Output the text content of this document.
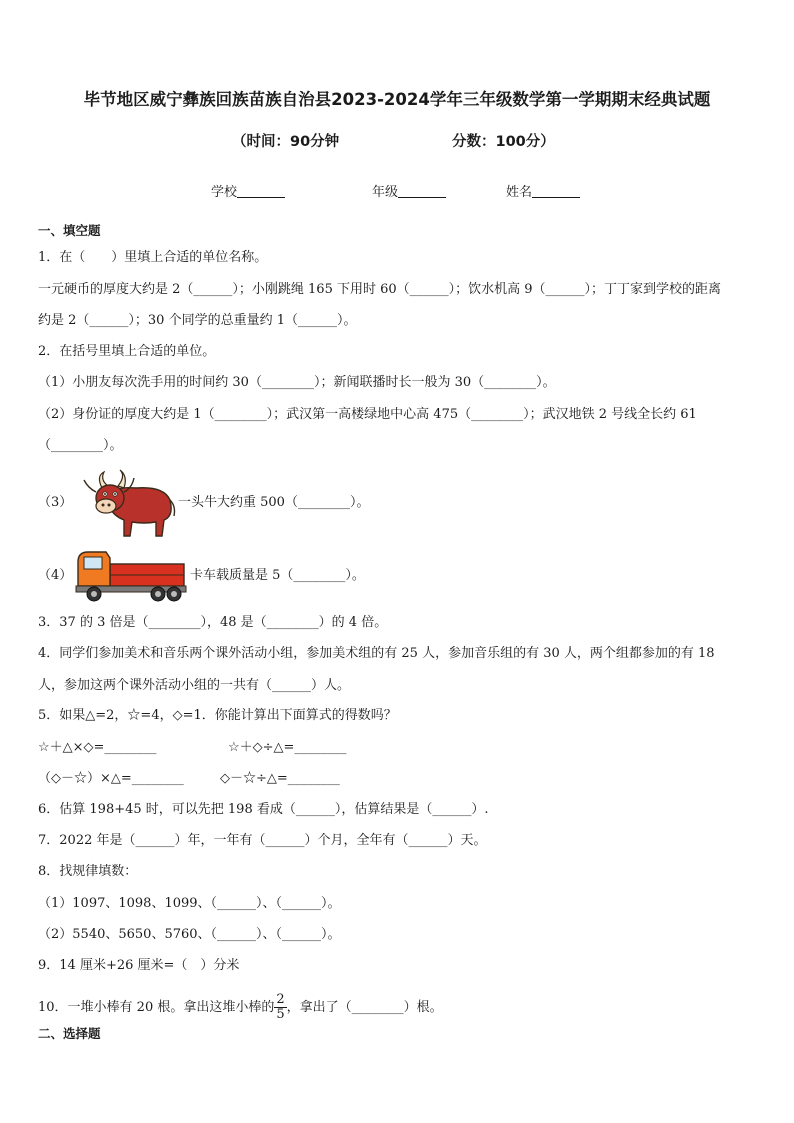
毕节地区威宁彝族回族苗族自治县2023-2024学年三年级数学第一学期期末经典试题
（时间：90分钟	分数：100分）
学校	年级	姓名
一、填空题
1．在（　　）里填上合适的单位名称。
一元硬币的厚度大约是 2（______）；小刚跳绳 165 下用时 60（______）；饮水机高 9（______）；丁丁家到学校的距离
约是 2（______）；30 个同学的总重量约 1（______）。
2．在括号里填上合适的单位。
（1）小朋友每次洗手用的时间约 30（________）；新闻联播时长一般为 30（________）。
（2）身份证的厚度大约是 1（________）；武汉第一高楼绿地中心高 475（________）；武汉地铁 2 号线全长约 61
（________）。
（3）	一头牛大约重 500（________）。
（4）	卡车载质量是 5（________）。
3．37 的 3 倍是（________），48 是（________）的 4 倍。
4．同学们参加美术和音乐两个课外活动小组，参加美术组的有 25 人，参加音乐组的有 30 人，两个组都参加的有 18
人，参加这两个课外活动小组的一共有（______）人。
5．如果△=2，☆=4，◇=1．你能计算出下面算式的得数吗？
☆＋△×◇=________	☆＋◇÷△=________
（◇－☆）×△=________	◇－☆÷△=________
6．估算 198+45 时，可以先把 198 看成（______），估算结果是（______）.
7．2022 年是（______）年，一年有（______）个月，全年有（______）天。
8．找规律填数：
（1）1097、1098、1099、（______）、（______）。
（2）5540、5650、5760、（______）、（______）。
9．14 厘米+26 厘米=（　）分米
10．一堆小棒有 20 根。拿出这堆小棒的 $\frac{2}{5}$ ，拿出了（________）根。
二、选择题
